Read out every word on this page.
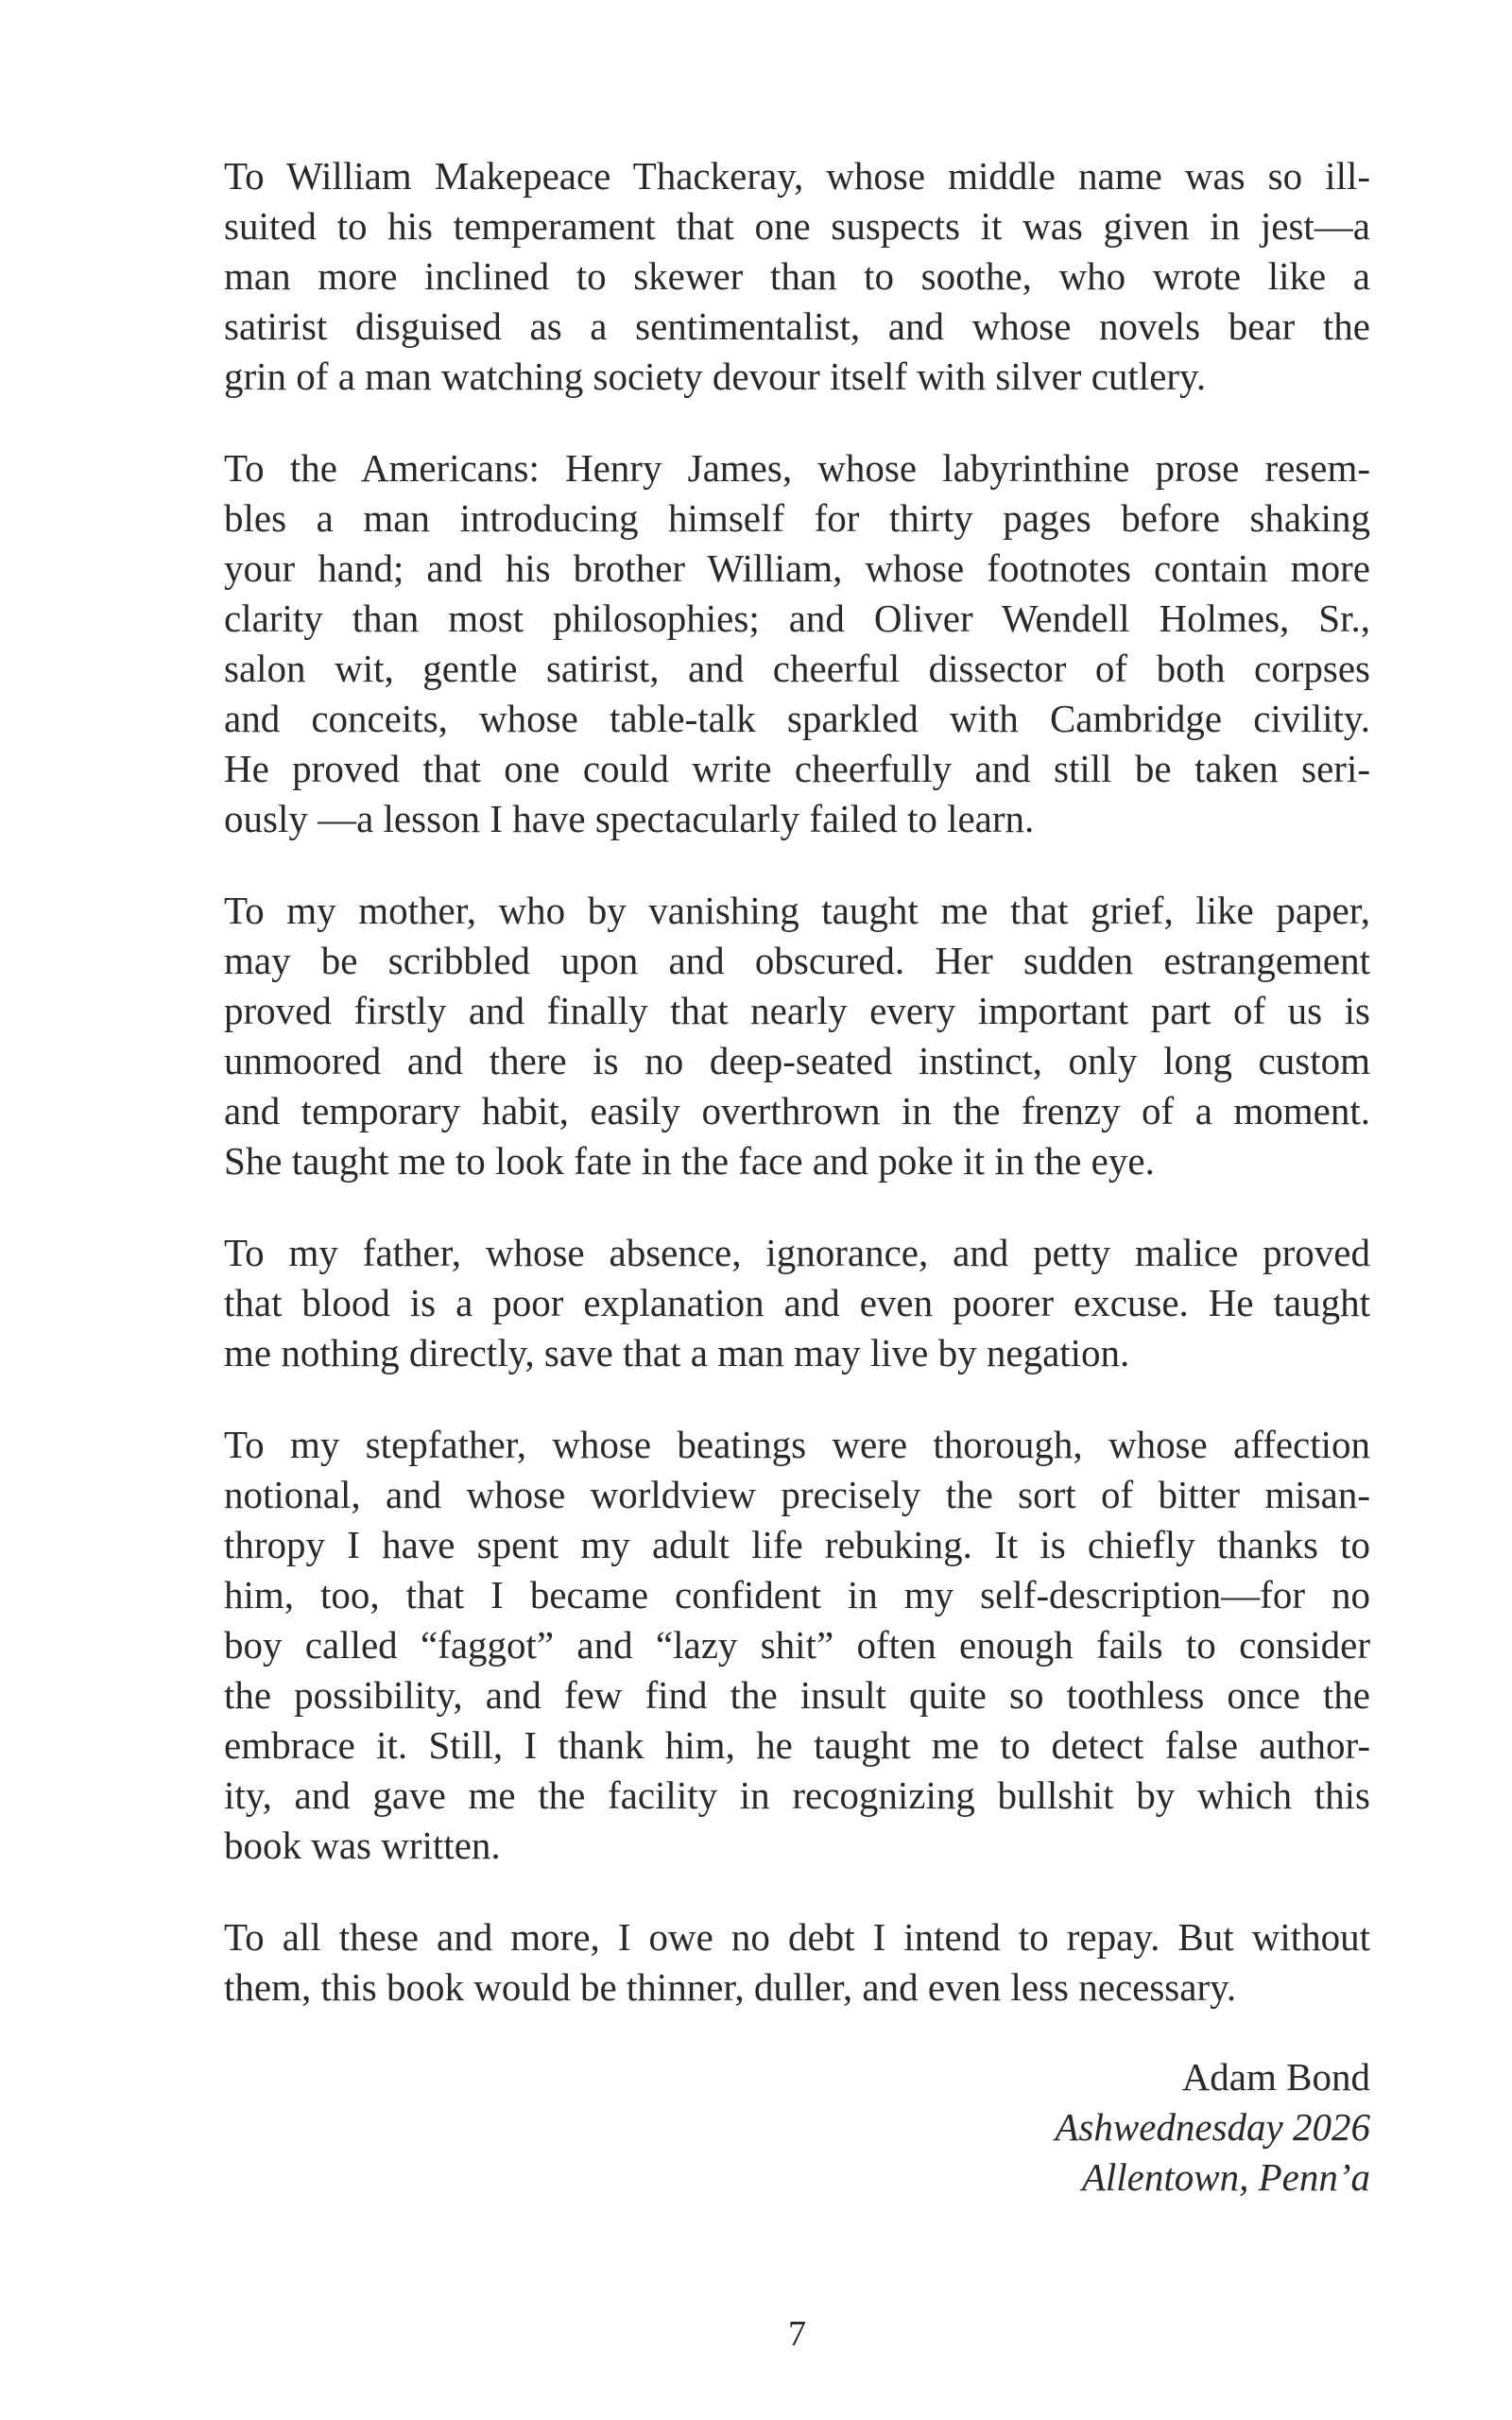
To William Makepeace Thackeray, whose middle name was so ill-
suited to his temperament that one suspects it was given in jest—a
man more inclined to skewer than to soothe, who wrote like a
satirist disguised as a sentimentalist, and whose novels bear the
grin of a man watching society devour itself with silver cutlery.
To the Americans: Henry James, whose labyrinthine prose resem-
bles a man introducing himself for thirty pages before shaking
your hand; and his brother William, whose footnotes contain more
clarity than most philosophies; and Oliver Wendell Holmes, Sr.,
salon wit, gentle satirist, and cheerful dissector of both corpses
and conceits, whose table-talk sparkled with Cambridge civility.
He proved that one could write cheerfully and still be taken seri-
ously —a lesson I have spectacularly failed to learn.
To my mother, who by vanishing taught me that grief, like paper,
may be scribbled upon and obscured. Her sudden estrangement
proved firstly and finally that nearly every important part of us is
unmoored and there is no deep-seated instinct, only long custom
and temporary habit, easily overthrown in the frenzy of a moment.
She taught me to look fate in the face and poke it in the eye.
To my father, whose absence, ignorance, and petty malice proved
that blood is a poor explanation and even poorer excuse. He taught
me nothing directly, save that a man may live by negation.
To my stepfather, whose beatings were thorough, whose affection
notional, and whose worldview precisely the sort of bitter misan-
thropy I have spent my adult life rebuking. It is chiefly thanks to
him, too, that I became confident in my self-description—for no
boy called “faggot” and “lazy shit” often enough fails to consider
the possibility, and few find the insult quite so toothless once the
embrace it. Still, I thank him, he taught me to detect false author-
ity, and gave me the facility in recognizing bullshit by which this
book was written.
To all these and more, I owe no debt I intend to repay. But without
them, this book would be thinner, duller, and even less necessary.
Adam Bond
Ashwednesday 2026
Allentown, Penn’a
7
